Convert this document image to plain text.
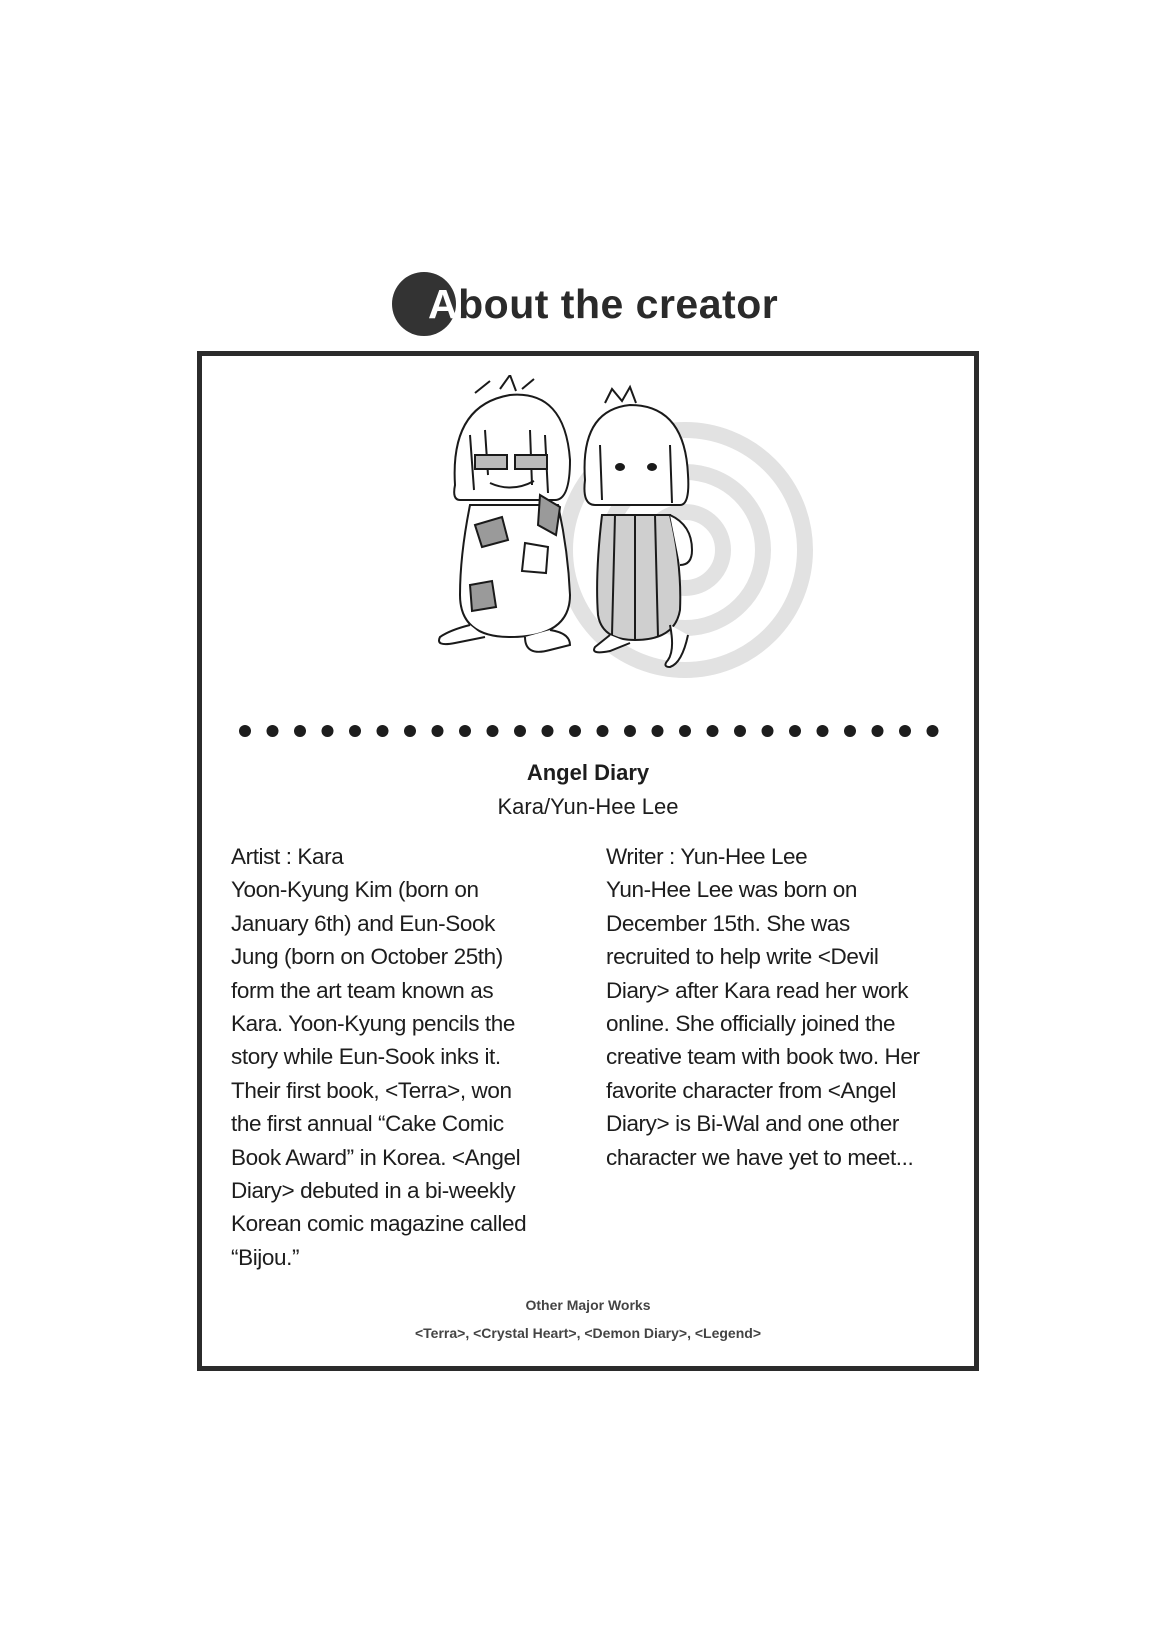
About the creator
Angel Diary
Kara/Yun-Hee Lee
Artist : Kara
Yoon-Kyung Kim (born on
January 6th) and Eun-Sook
Jung (born on October 25th)
form the art team known as
Kara. Yoon-Kyung pencils the
story while Eun-Sook inks it.
Their first book, <Terra>, won
the first annual “Cake Comic
Book Award” in Korea. <Angel
Diary> debuted in a bi-weekly
Korean comic magazine called
“Bijou.”
Writer : Yun-Hee Lee
Yun-Hee Lee was born on
December 15th. She was
recruited to help write <Devil
Diary> after Kara read her work
online. She officially joined the
creative team with book two. Her
favorite character from <Angel
Diary> is Bi-Wal and one other
character we have yet to meet...
Other Major Works
<Terra>, <Crystal Heart>, <Demon Diary>, <Legend>
